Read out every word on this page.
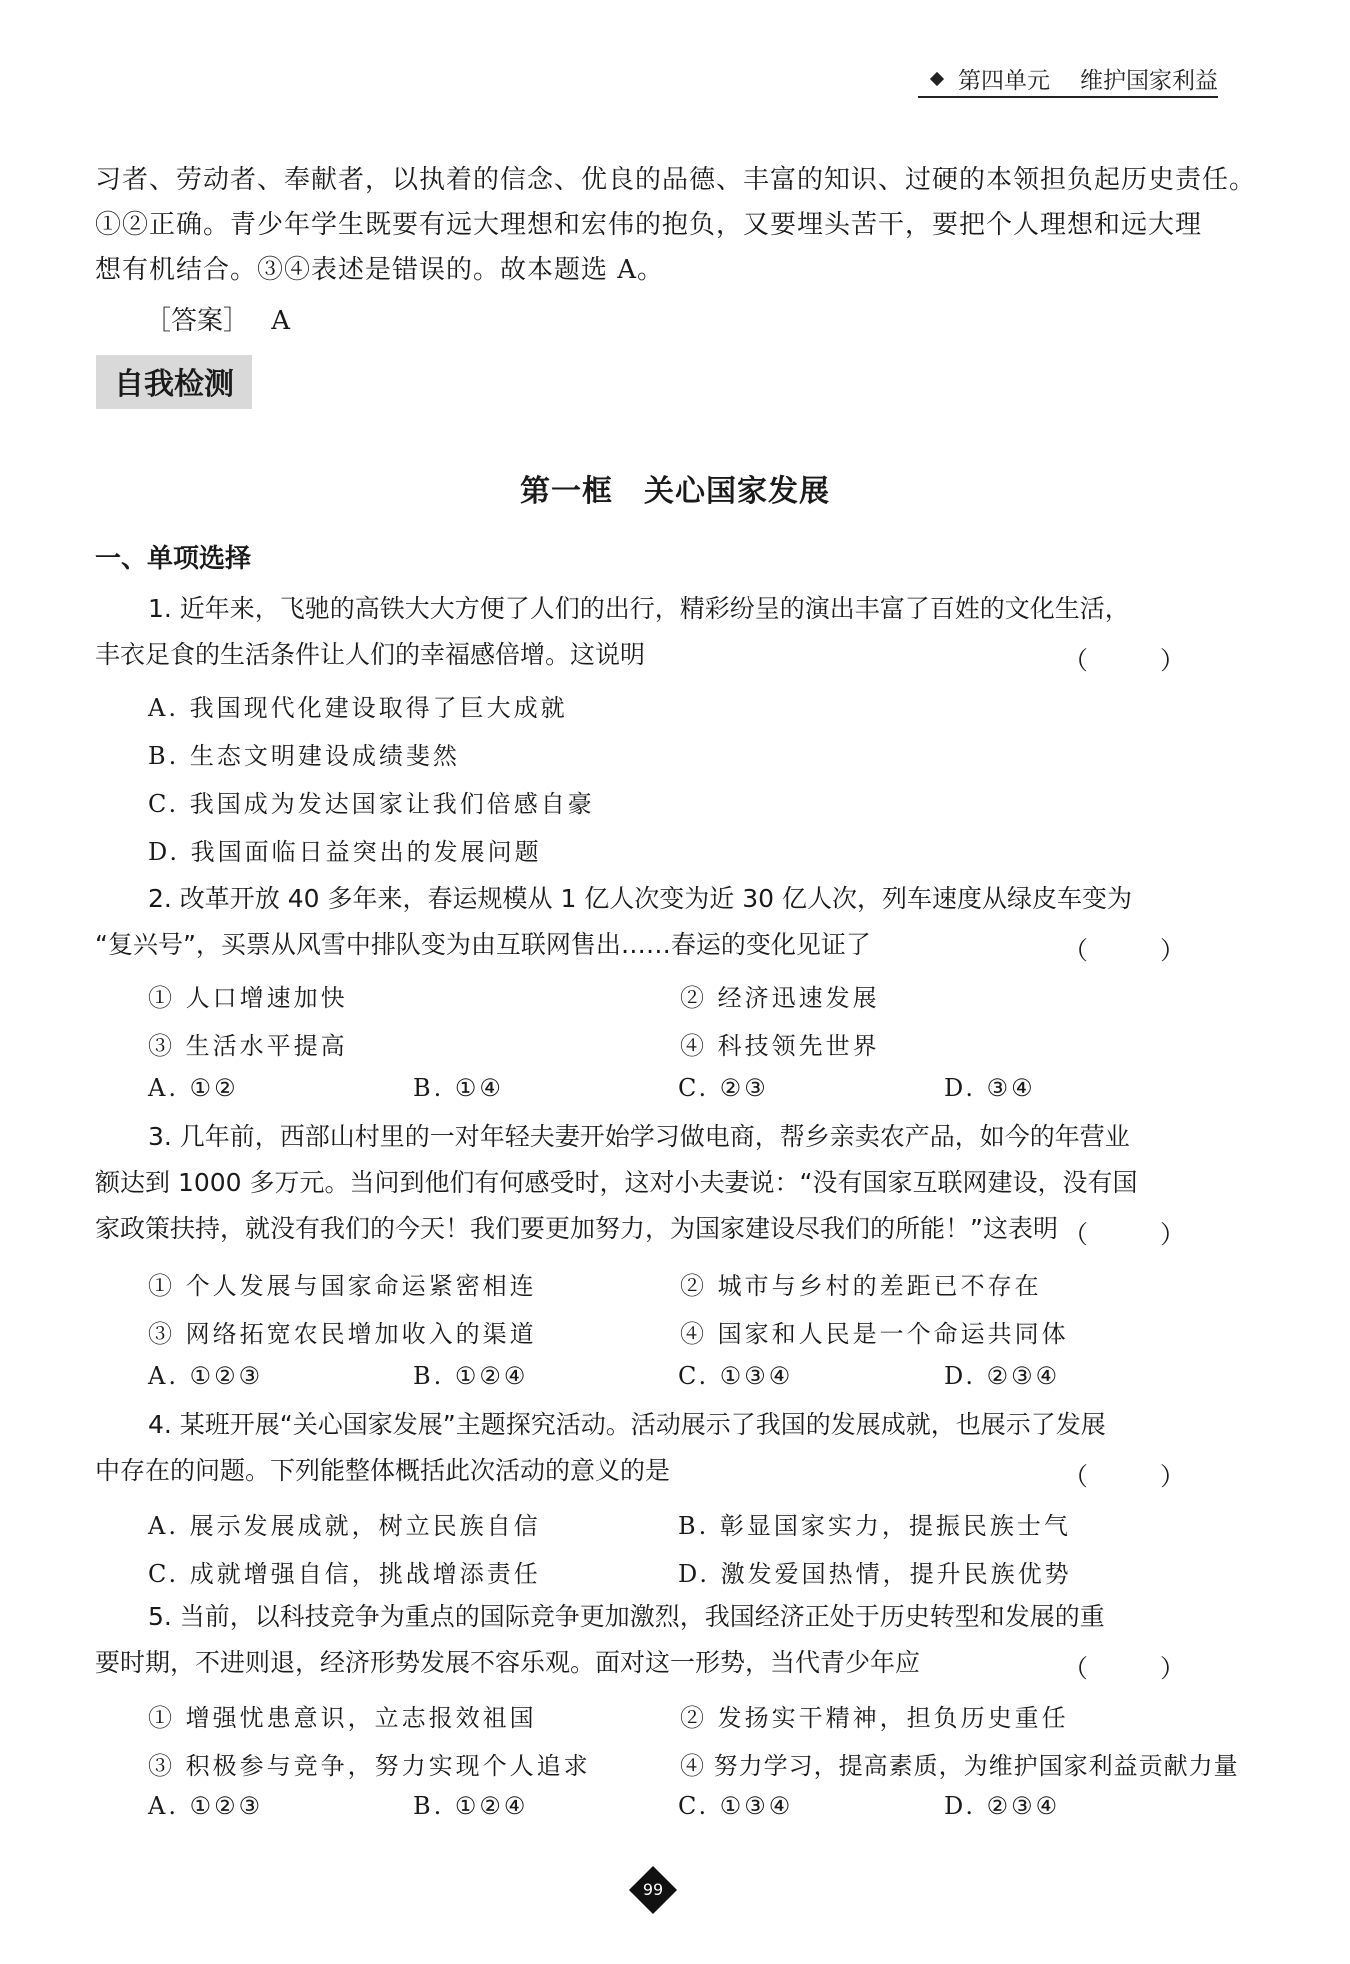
第四单元 维护国家利益
习者、劳动者、奉献者，以执着的信念、优良的品德、丰富的知识、过硬的本领担负起历史责任。
①②正确。青少年学生既要有远大理想和宏伟的抱负，又要埋头苦干，要把个人理想和远大理
想有机结合。③④表述是错误的。故本题选 A。
［答案］ A
自我检测
第一框　关心国家发展
一、单项选择
1. 近年来，飞驰的高铁大大方便了人们的出行，精彩纷呈的演出丰富了百姓的文化生活，
丰衣足食的生活条件让人们的幸福感倍增。这说明	（ ）
A. 我国现代化建设取得了巨大成就
B. 生态文明建设成绩斐然
C. 我国成为发达国家让我们倍感自豪
D. 我国面临日益突出的发展问题
2. 改革开放 40 多年来，春运规模从 1 亿人次变为近 30 亿人次，列车速度从绿皮车变为
“复兴号”，买票从风雪中排队变为由互联网售出……春运的变化见证了	（ ）
① 人口增速加快	② 经济迅速发展
③ 生活水平提高	④ 科技领先世界
A. ①②	B. ①④	C. ②③	D. ③④
3. 几年前，西部山村里的一对年轻夫妻开始学习做电商，帮乡亲卖农产品，如今的年营业
额达到 1000 多万元。当问到他们有何感受时，这对小夫妻说：“没有国家互联网建设，没有国
家政策扶持，就没有我们的今天！我们要更加努力，为国家建设尽我们的所能！”这表明 （ ）
① 个人发展与国家命运紧密相连	② 城市与乡村的差距已不存在
③ 网络拓宽农民增加收入的渠道	④ 国家和人民是一个命运共同体
A. ①②③	B. ①②④	C. ①③④	D. ②③④
4. 某班开展“关心国家发展”主题探究活动。活动展示了我国的发展成就，也展示了发展
中存在的问题。下列能整体概括此次活动的意义的是	（ ）
A. 展示发展成就，树立民族自信	B. 彰显国家实力，提振民族士气
C. 成就增强自信，挑战增添责任	D. 激发爱国热情，提升民族优势
5. 当前，以科技竞争为重点的国际竞争更加激烈，我国经济正处于历史转型和发展的重
要时期，不进则退，经济形势发展不容乐观。面对这一形势，当代青少年应	（ ）
① 增强忧患意识，立志报效祖国	② 发扬实干精神，担负历史重任
③ 积极参与竞争，努力实现个人追求	④ 努力学习，提高素质，为维护国家利益贡献力量
A. ①②③	B. ①②④	C. ①③④	D. ②③④
99
